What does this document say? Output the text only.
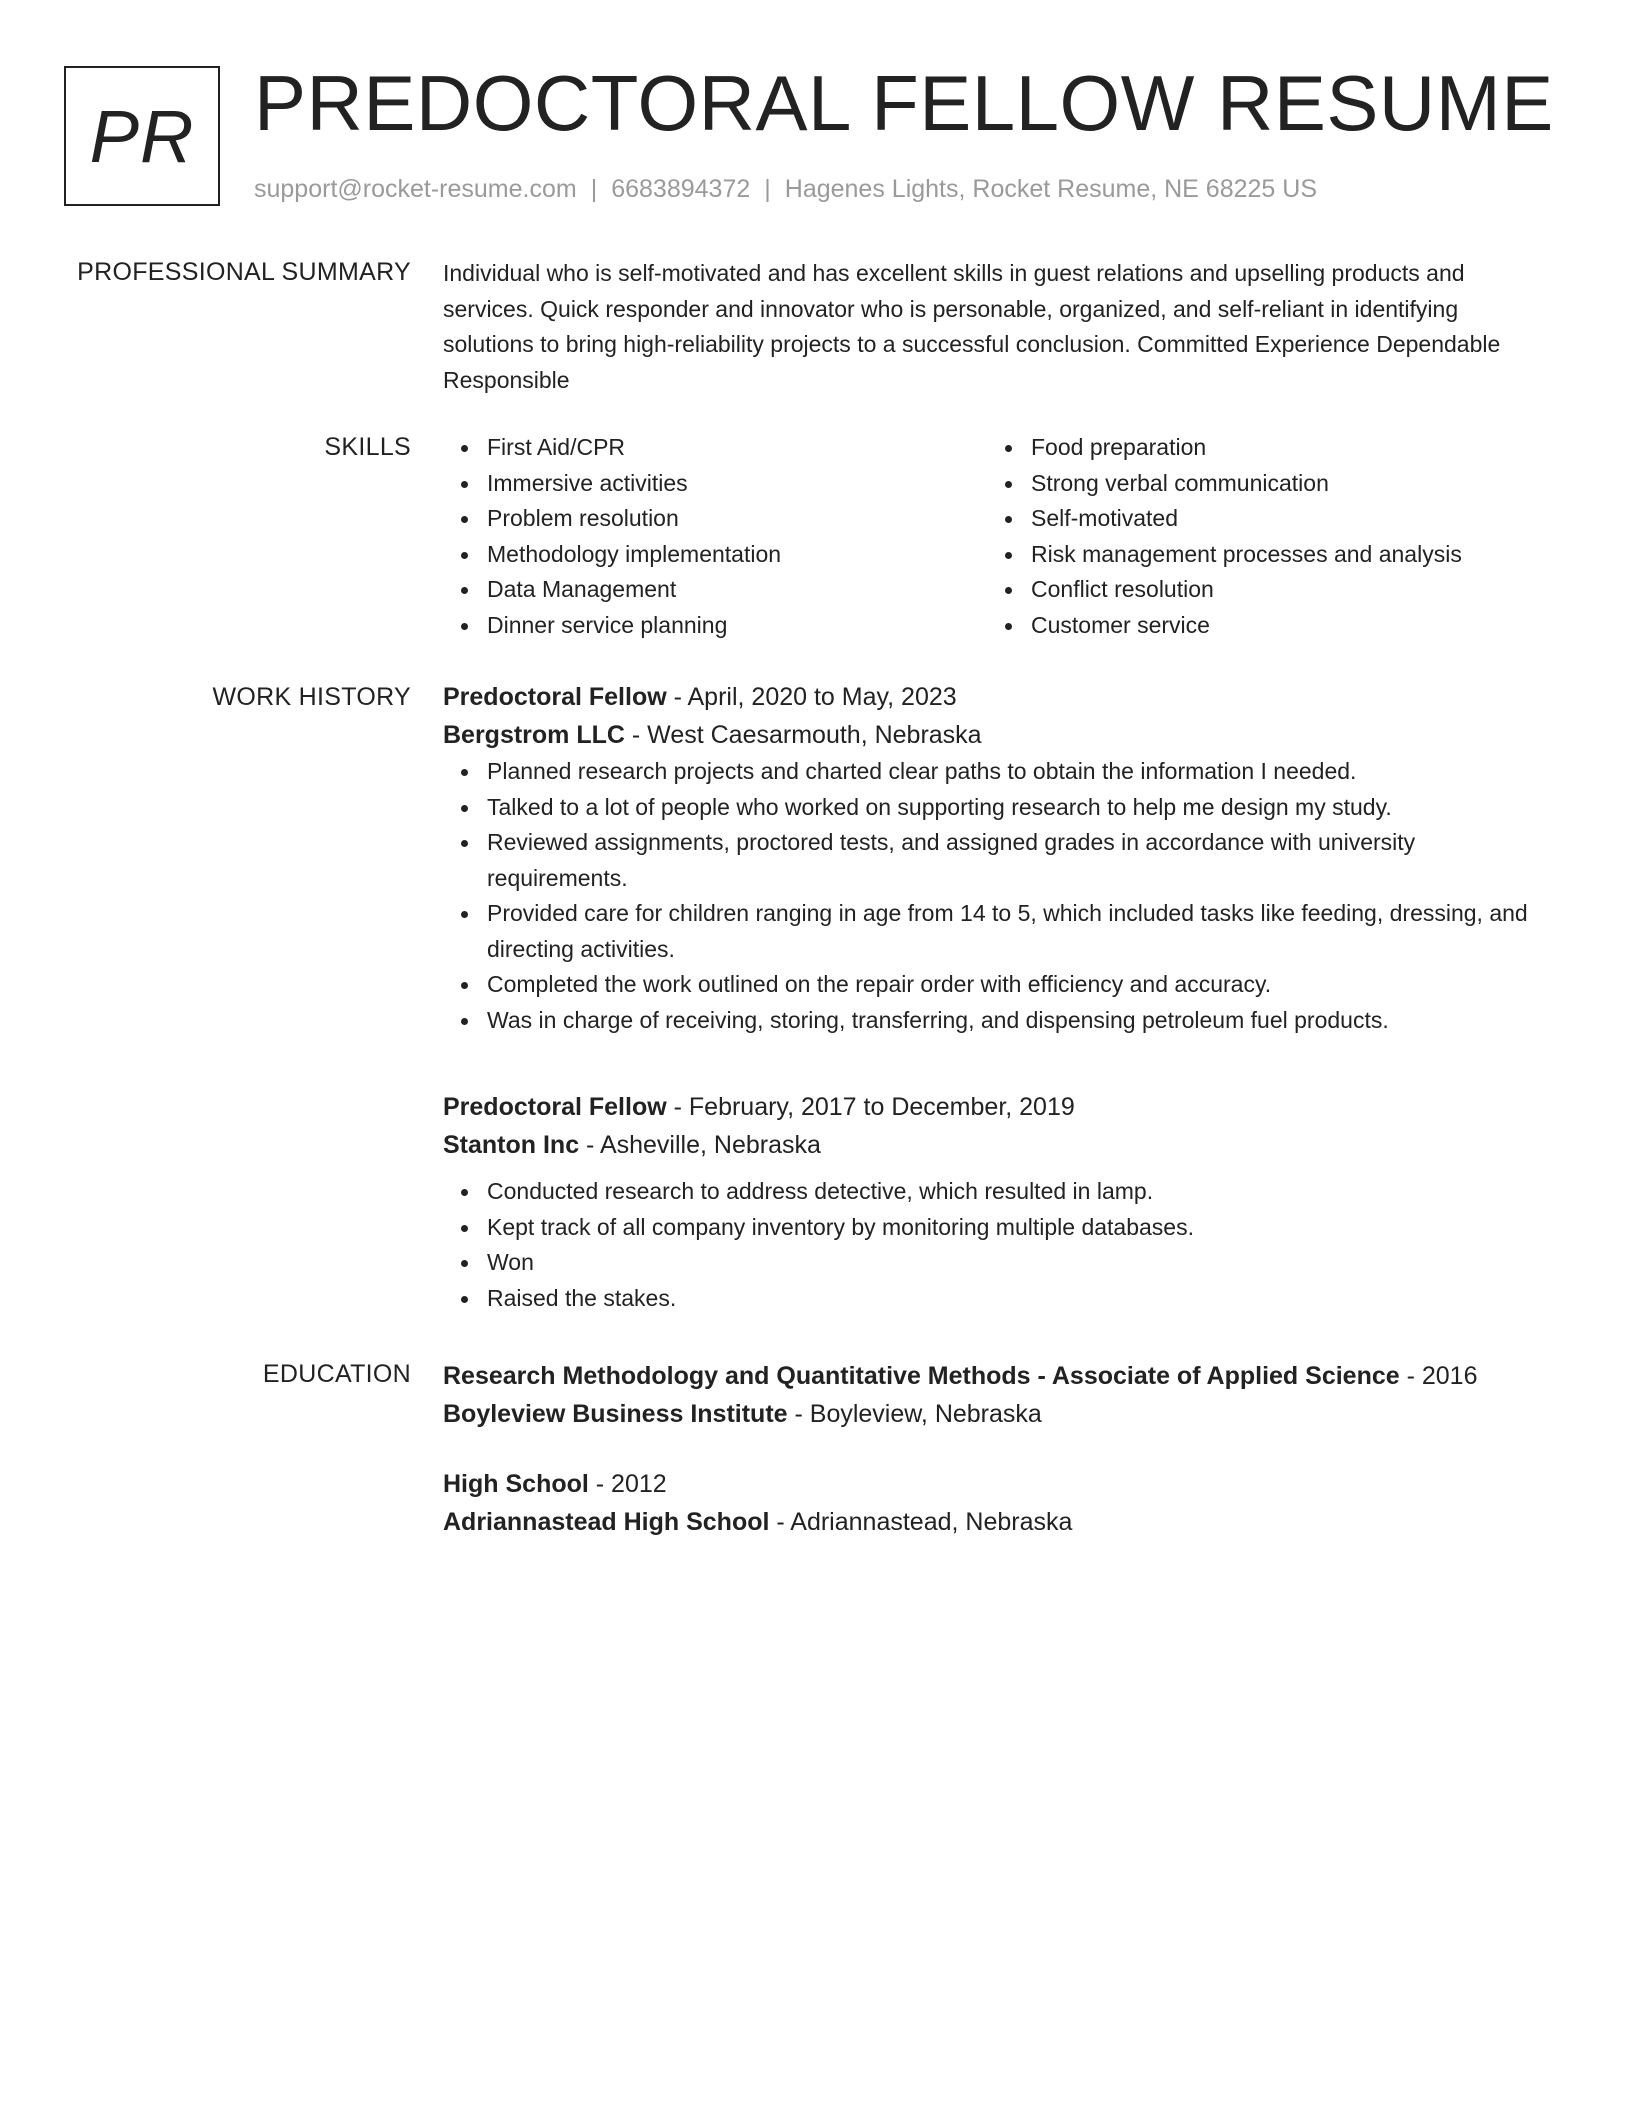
PR PREDOCTORAL FELLOW RESUME
support@rocket-resume.com | 6683894372 | Hagenes Lights, Rocket Resume, NE 68225 US
PROFESSIONAL SUMMARY Individual who is self-motivated and has excellent skills in guest relations and upselling products and services. Quick responder and innovator who is personable, organized, and self-reliant in identifying solutions to bring high-reliability projects to a successful conclusion. Committed Experience Dependable Responsible

SKILLS	First Aid/CPR
Immersive activities
Problem resolution
Methodology implementation
Data Management
Dinner service planning
Food preparation
Strong verbal communication
Self-motivated
Risk management processes and analysis
Conflict resolution
Customer service
WORK HISTORY Predoctoral Fellow - April, 2020 to May, 2023
Bergstrom LLC - West Caesarmouth, Nebraska
Planned research projects and charted clear paths to obtain the information I needed.
Talked to a lot of people who worked on supporting research to help me design my study.
Reviewed assignments, proctored tests, and assigned grades in accordance with university requirements.
Provided care for children ranging in age from 14 to 5, which included tasks like feeding, dressing, and directing activities.
Completed the work outlined on the repair order with efficiency and accuracy.
Was in charge of receiving, storing, transferring, and dispensing petroleum fuel products.
Predoctoral Fellow - February, 2017 to December, 2019
Stanton Inc - Asheville, Nebraska
Conducted research to address detective, which resulted in lamp.
Kept track of all company inventory by monitoring multiple databases.
Won
Raised the stakes.
EDUCATION Research Methodology and Quantitative Methods - Associate of Applied Science - 2016
Boyleview Business Institute - Boyleview, Nebraska
High School - 2012
Adriannastead High School - Adriannastead, Nebraska
